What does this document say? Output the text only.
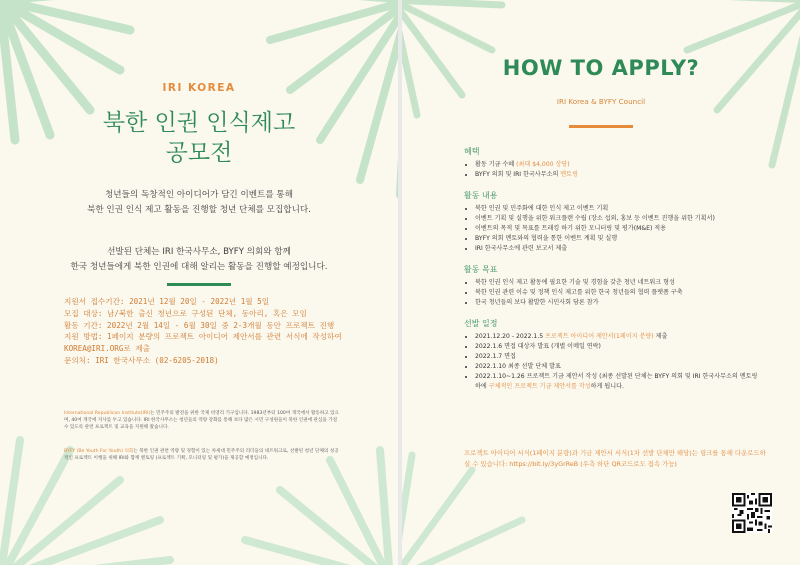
IRI KOREA
북한 인권 인식제고
공모전
청년들의 독창적인 아이디어가 담긴 이벤트를 통해
북한 인권 인식 제고 활동을 진행할 청년 단체를 모집합니다.
선발된 단체는 IRI 한국사무소, BYFY 의회와 함께
한국 청년들에게 북한 인권에 대해 알리는 활동을 진행할 예정입니다.
지원서 접수기간: 2021년 12월 20일 - 2022년 1월 5일
모집 대상: 남/북한 출신 청년으로 구성된 단체, 동아리, 혹은 모임
활동 기간: 2022년 2월 14일 - 6월 30일 중 2-3개월 동안 프로젝트 진행
지원 방법: 1페이지 분량의 프로젝트 아이디어 제안서를 관련 서식에 작성하여
KOREA@IRI.ORG로 제출
문의처: IRI 한국사무소 (02-6205-2018)
International Republican Institute(IRI)는 민주주의 발전을 위한 국제 비영리 기구입니다. 1983년부터 100여 개국에서 활동하고 있으며, 40여 개국에 지사를 두고 있습니다. IRI 한국사무소는 청년들의 역량 강화를 통해 보다 많은 시민 구성원들이 북한 인권에 관심을 가질 수 있도록 관련 프로젝트 및 교육을 지원해 왔습니다.
BYFY (Be Youth For Youth) 의회는 북한 인권 관련 역량 및 경험이 있는 차세대 민주주의 리더들의 네트워크로, 선발된 청년 단체의 성공적인 프로젝트 이행을 위해 IRI와 함께 멘토링 (프로젝트 기획, 모니터링 및 평가)을 제공할 예정입니다.
HOW TO APPLY?
IRI Korea & BYFY Council
혜택
• 활동 기금 수혜 (최대 $4,000 상당)
• BYFY 의회 및 IRI 한국사무소의 멘토링
활동 내용
• 북한 인권 및 민주화에 대한 인식 제고 이벤트 기획
• 이벤트 기획 및 실행을 위한 워크플랜 수립 (장소 섭외, 홍보 등 이벤트 진행을 위한 기획서)
• 이벤트의 목적 및 목표를 트래킹 하기 위한 모니터링 및 평가(M&E) 적용
• BYFY 의회 멘토와의 협력을 통한 이벤트 계획 및 실행
• IRI 한국사무소에 관련 보고서 제출
활동 목표
• 북한 인권 인식 제고 활동에 필요한 기술 및 경험을 갖춘 청년 네트워크 형성
• 북한 인권 관련 이슈 및 정책 인식 제고를 위한 한국 청년들의 협력 플랫폼 구축
• 한국 청년들의 보다 활발한 시민사회 담론 참가
선발 일정
• 2021.12.20 - 2022.1.5 프로젝트 아이디어 제안서(1페이지 분량) 제출
• 2022.1.6 면접 대상자 발표 (개별 이메일 연락)
• 2022.1.7 면접
• 2022.1.10 최종 선발 단체 발표
• 2022.1.10~1.26 프로젝트 기금 제안서 작성 (최종 선발된 단체는 BYFY 의회 및 IRI 한국사무소의 멘토링 하에 구체적인 프로젝트 기금 제안서를 작성하게 됩니다.
프로젝트 아이디어 서식(1페이지 분량)과 기금 제안서 서식(1차 선발 단체만 해당)는 링크를 통해 다운로드하실 수 있습니다: https://bit.ly/3yGrReB (우측 하단 QR코드로도 접속 가능)
